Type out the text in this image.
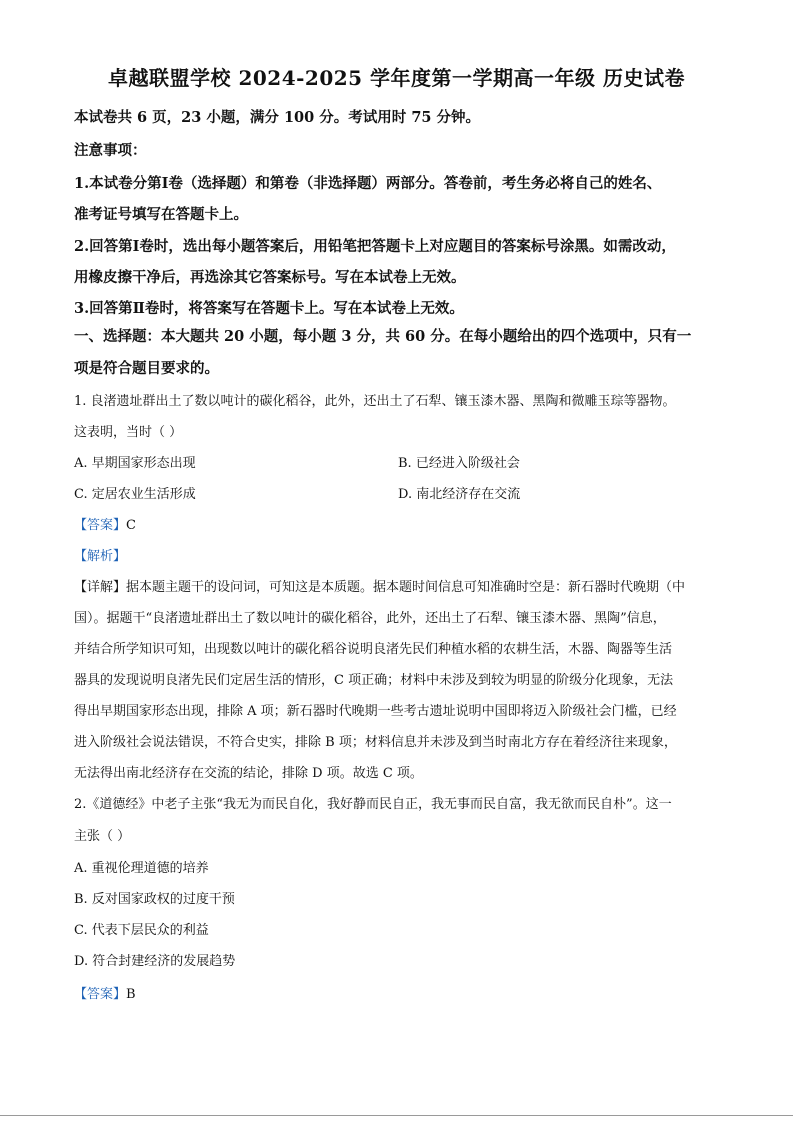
卓越联盟学校 2024-2025 学年度第一学期高一年级 历史试卷
本试卷共 6 页，23 小题，满分 100 分。考试用时 75 分钟。
注意事项：
1.本试卷分第Ⅰ卷（选择题）和第卷（非选择题）两部分。答卷前，考生务必将自己的姓名、
准考证号填写在答题卡上。
2.回答第Ⅰ卷时，选出每小题答案后，用铅笔把答题卡上对应题目的答案标号涂黑。如需改动，
用橡皮擦干净后，再选涂其它答案标号。写在本试卷上无效。
3.回答第Ⅱ卷时，将答案写在答题卡上。写在本试卷上无效。
一、选择题：本大题共 20 小题，每小题 3 分，共 60 分。在每小题给出的四个选项中，只有一
项是符合题目要求的。
1. 良渚遗址群出土了数以吨计的碳化稻谷，此外，还出土了石犁、镶玉漆木器、黑陶和微雕玉琮等器物。
这表明，当时（ ）
A. 早期国家形态出现	B. 已经进入阶级社会
C. 定居农业生活形成	D. 南北经济存在交流
【答案】C
【解析】
【详解】据本题主题干的设问词，可知这是本质题。据本题时间信息可知准确时空是：新石器时代晚期（中
国）。据题干“良渚遗址群出土了数以吨计的碳化稻谷，此外，还出土了石犁、镶玉漆木器、黑陶”信息，
并结合所学知识可知，出现数以吨计的碳化稻谷说明良渚先民们种植水稻的农耕生活，木器、陶器等生活
器具的发现说明良渚先民们定居生活的情形，C 项正确；材料中未涉及到较为明显的阶级分化现象，无法
得出早期国家形态出现，排除 A 项；新石器时代晚期一些考古遗址说明中国即将迈入阶级社会门槛，已经
进入阶级社会说法错误，不符合史实，排除 B 项；材料信息并未涉及到当时南北方存在着经济往来现象，
无法得出南北经济存在交流的结论，排除 D 项。故选 C 项。
2.《道德经》中老子主张“我无为而民自化，我好静而民自正，我无事而民自富，我无欲而民自朴”。这一
主张（ ）
A. 重视伦理道德的培养
B. 反对国家政权的过度干预
C. 代表下层民众的利益
D. 符合封建经济的发展趋势
【答案】B
